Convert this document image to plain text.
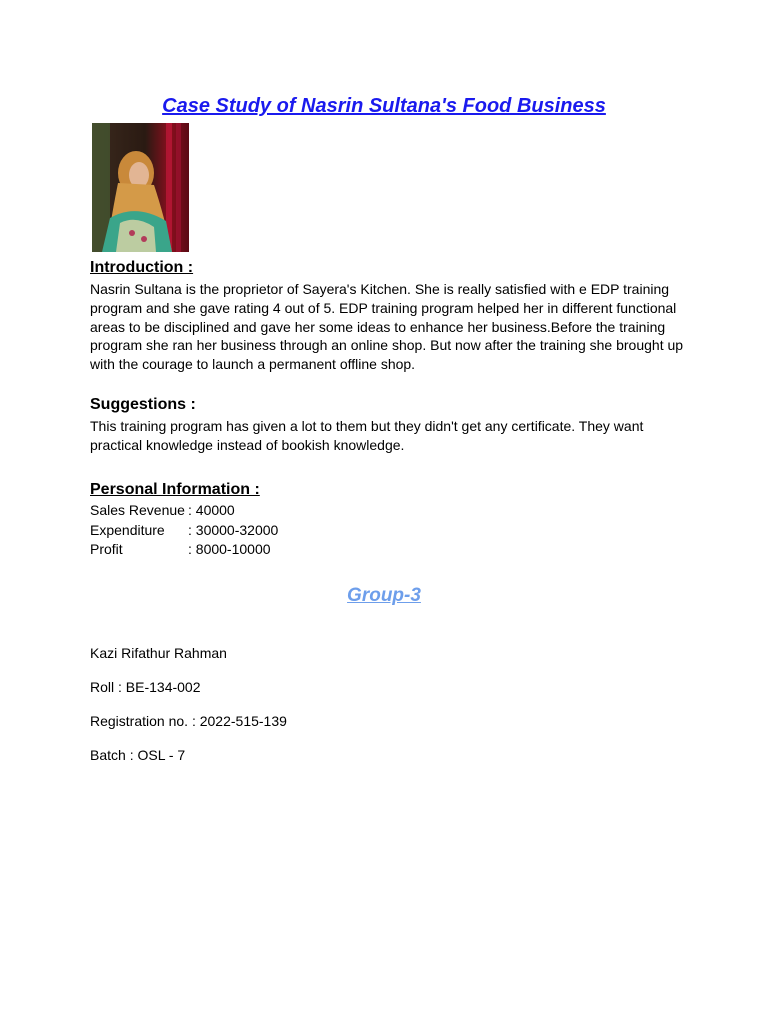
Case Study of Nasrin Sultana's Food Business
Introduction :

Nasrin Sultana is the proprietor of Sayera's Kitchen. She is really satisfied with e EDP training program and she gave rating 4 out of 5. EDP training program helped her in different functional areas to be disciplined and gave her some ideas to enhance her business.Before the training program she ran her business through an online shop. But now after the training she brought up with the courage to launch a permanent offline shop.

Suggestions :

This training program has given a lot to them but they didn't get any certificate. They want practical knowledge instead of bookish knowledge.

Personal Information :
Sales Revenue : 40000
Expenditure : 30000-32000
Profit	: 8000-10000
Group-3
Kazi Rifathur Rahman
Roll : BE-134-002
Registration no. : 2022-515-139
Batch : OSL - 7
